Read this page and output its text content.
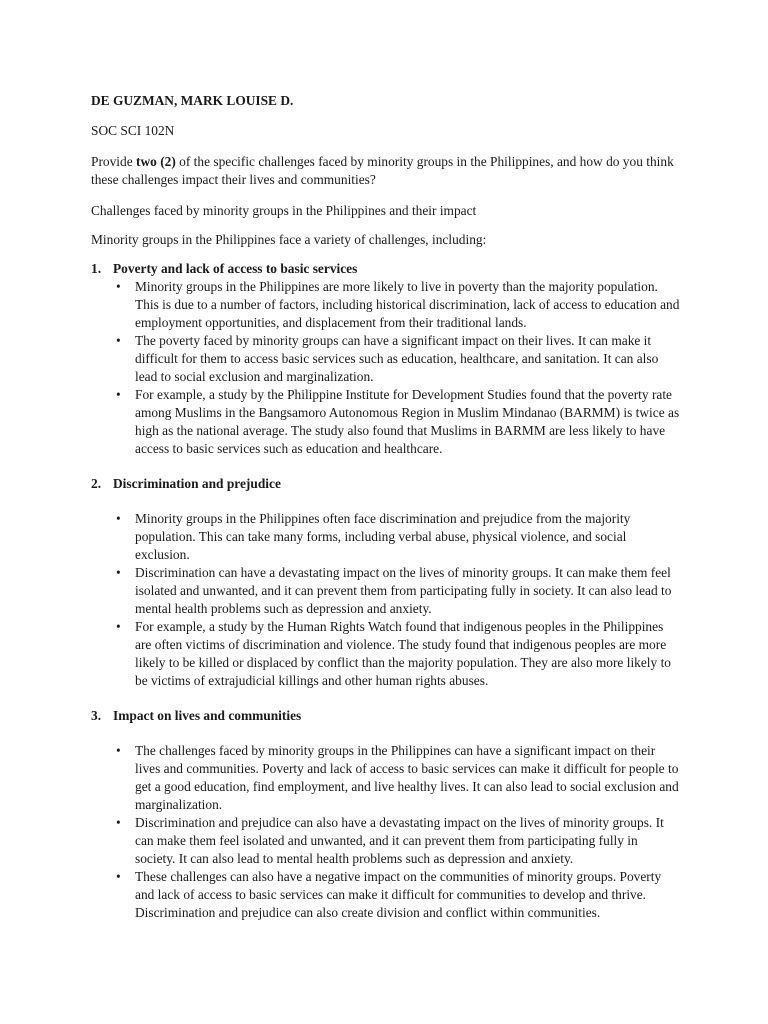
DE GUZMAN, MARK LOUISE D.
SOC SCI 102N
Provide two (2) of the specific challenges faced by minority groups in the Philippines, and how do you think these challenges impact their lives and communities?
Challenges faced by minority groups in the Philippines and their impact
Minority groups in the Philippines face a variety of challenges, including:
1. Poverty and lack of access to basic services
•	Minority groups in the Philippines are more likely to live in poverty than the majority population. This is due to a number of factors, including historical discrimination, lack of access to education and employment opportunities, and displacement from their traditional lands.
•	The poverty faced by minority groups can have a significant impact on their lives. It can make it difficult for them to access basic services such as education, healthcare, and sanitation. It can also lead to social exclusion and marginalization.
•	For example, a study by the Philippine Institute for Development Studies found that the poverty rate among Muslims in the Bangsamoro Autonomous Region in Muslim Mindanao (BARMM) is twice as high as the national average. The study also found that Muslims in BARMM are less likely to have access to basic services such as education and healthcare.
2. Discrimination and prejudice
•	Minority groups in the Philippines often face discrimination and prejudice from the majority population. This can take many forms, including verbal abuse, physical violence, and social exclusion.
•	Discrimination can have a devastating impact on the lives of minority groups. It can make them feel isolated and unwanted, and it can prevent them from participating fully in society. It can also lead to mental health problems such as depression and anxiety.
•	For example, a study by the Human Rights Watch found that indigenous peoples in the Philippines are often victims of discrimination and violence. The study found that indigenous peoples are more likely to be killed or displaced by conflict than the majority population. They are also more likely to be victims of extrajudicial killings and other human rights abuses.
3. Impact on lives and communities
•	The challenges faced by minority groups in the Philippines can have a significant impact on their lives and communities. Poverty and lack of access to basic services can make it difficult for people to get a good education, find employment, and live healthy lives. It can also lead to social exclusion and marginalization.
•	Discrimination and prejudice can also have a devastating impact on the lives of minority groups. It can make them feel isolated and unwanted, and it can prevent them from participating fully in society. It can also lead to mental health problems such as depression and anxiety.
•	These challenges can also have a negative impact on the communities of minority groups. Poverty and lack of access to basic services can make it difficult for communities to develop and thrive. Discrimination and prejudice can also create division and conflict within communities.
